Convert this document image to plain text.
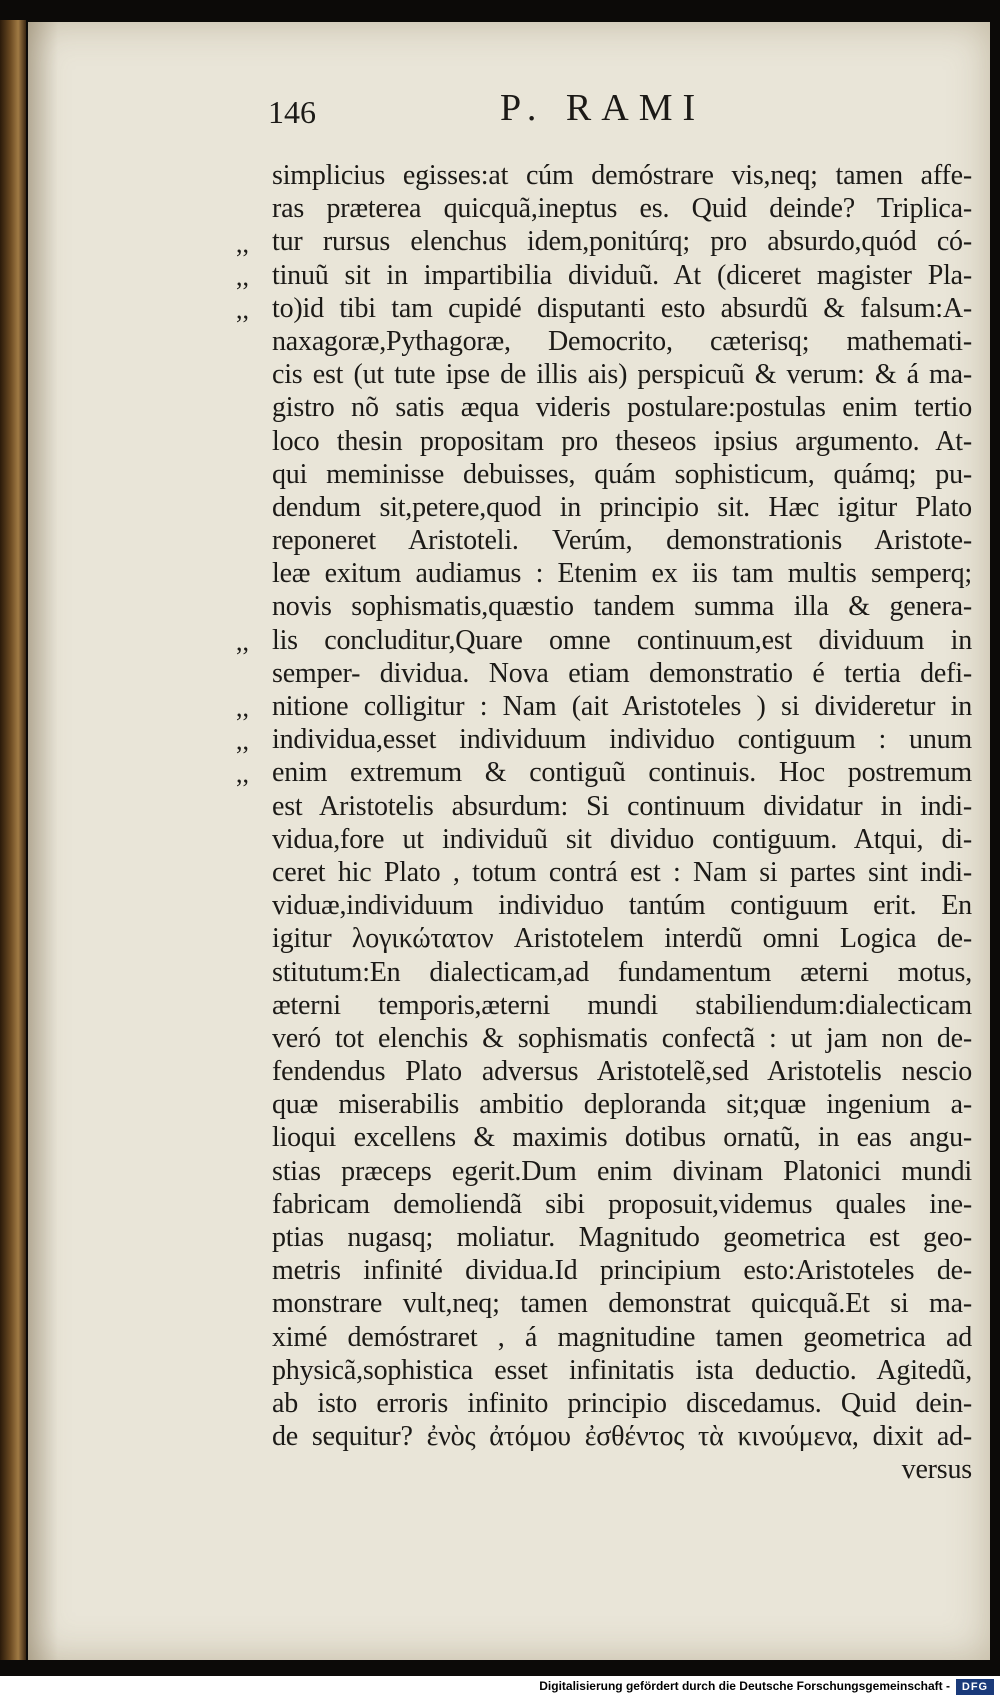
146	P. RAMI
,,
,,
,,
,,
,,
,,
,,
simplicius egisses:at cúm demóstrare vis,neq; tamen affe-
ras præterea quicquã,ineptus es. Quid deinde? Triplica-
tur rursus elenchus idem,ponitúrq; pro absurdo,quód có-
tinuũ sit in impartibilia dividuũ. At (diceret magister Pla-
to)id tibi tam cupidé disputanti esto absurdũ & falsum:A-
naxagoræ,Pythagoræ, Democrito, cæterisq; mathemati-
cis est (ut tute ipse de illis ais) perspicuũ & verum: & á ma-
gistro nõ satis æqua videris postulare:postulas enim tertio
loco thesin propositam pro theseos ipsius argumento. At-
qui meminisse debuisses, quám sophisticum, quámq; pu-
dendum sit,petere,quod in principio sit. Hæc igitur Plato
reponeret Aristoteli. Verúm, demonstrationis Aristote-
leæ exitum audiamus : Etenim ex iis tam multis semperq;
novis sophismatis,quæstio tandem summa illa & genera-
lis concluditur,Quare omne continuum,est dividuum in
semper- dividua. Nova etiam demonstratio é tertia defi-
nitione colligitur : Nam (ait Aristoteles ) si divideretur in
individua,esset individuum individuo contiguum : unum
enim extremum & contiguũ continuis. Hoc postremum
est Aristotelis absurdum: Si continuum dividatur in indi-
vidua,fore ut individuũ sit dividuo contiguum. Atqui, di-
ceret hic Plato , totum contrá est : Nam si partes sint indi-
viduæ,individuum individuo tantúm contiguum erit. En
igitur λογικώτατον Aristotelem interdũ omni Logica de-
stitutum:En dialecticam,ad fundamentum æterni motus,
æterni temporis,æterni mundi stabiliendum:dialecticam
veró tot elenchis & sophismatis confectã : ut jam non de-
fendendus Plato adversus Aristotelẽ,sed Aristotelis nescio
quæ miserabilis ambitio deploranda sit;quæ ingenium a-
lioqui excellens & maximis dotibus ornatũ, in eas angu-
stias præceps egerit.Dum enim divinam Platonici mundi
fabricam demoliendã sibi proposuit,videmus quales ine-
ptias nugasq; moliatur. Magnitudo geometrica est geo-
metris infinité dividua.Id principium esto:Aristoteles de-
monstrare vult,neq; tamen demonstrat quicquã.Et si ma-
ximé demóstraret , á magnitudine tamen geometrica ad
physicã,sophistica esset infinitatis ista deductio. Agitedũ,
ab isto erroris infinito principio discedamus. Quid dein-
de sequitur? ἐνὸς ἀτόμου ἐσθέντος τὰ κινούμενα, dixit ad-
versus
Digitalisierung gefördert durch die Deutsche Forschungsgemeinschaft -	DFG
